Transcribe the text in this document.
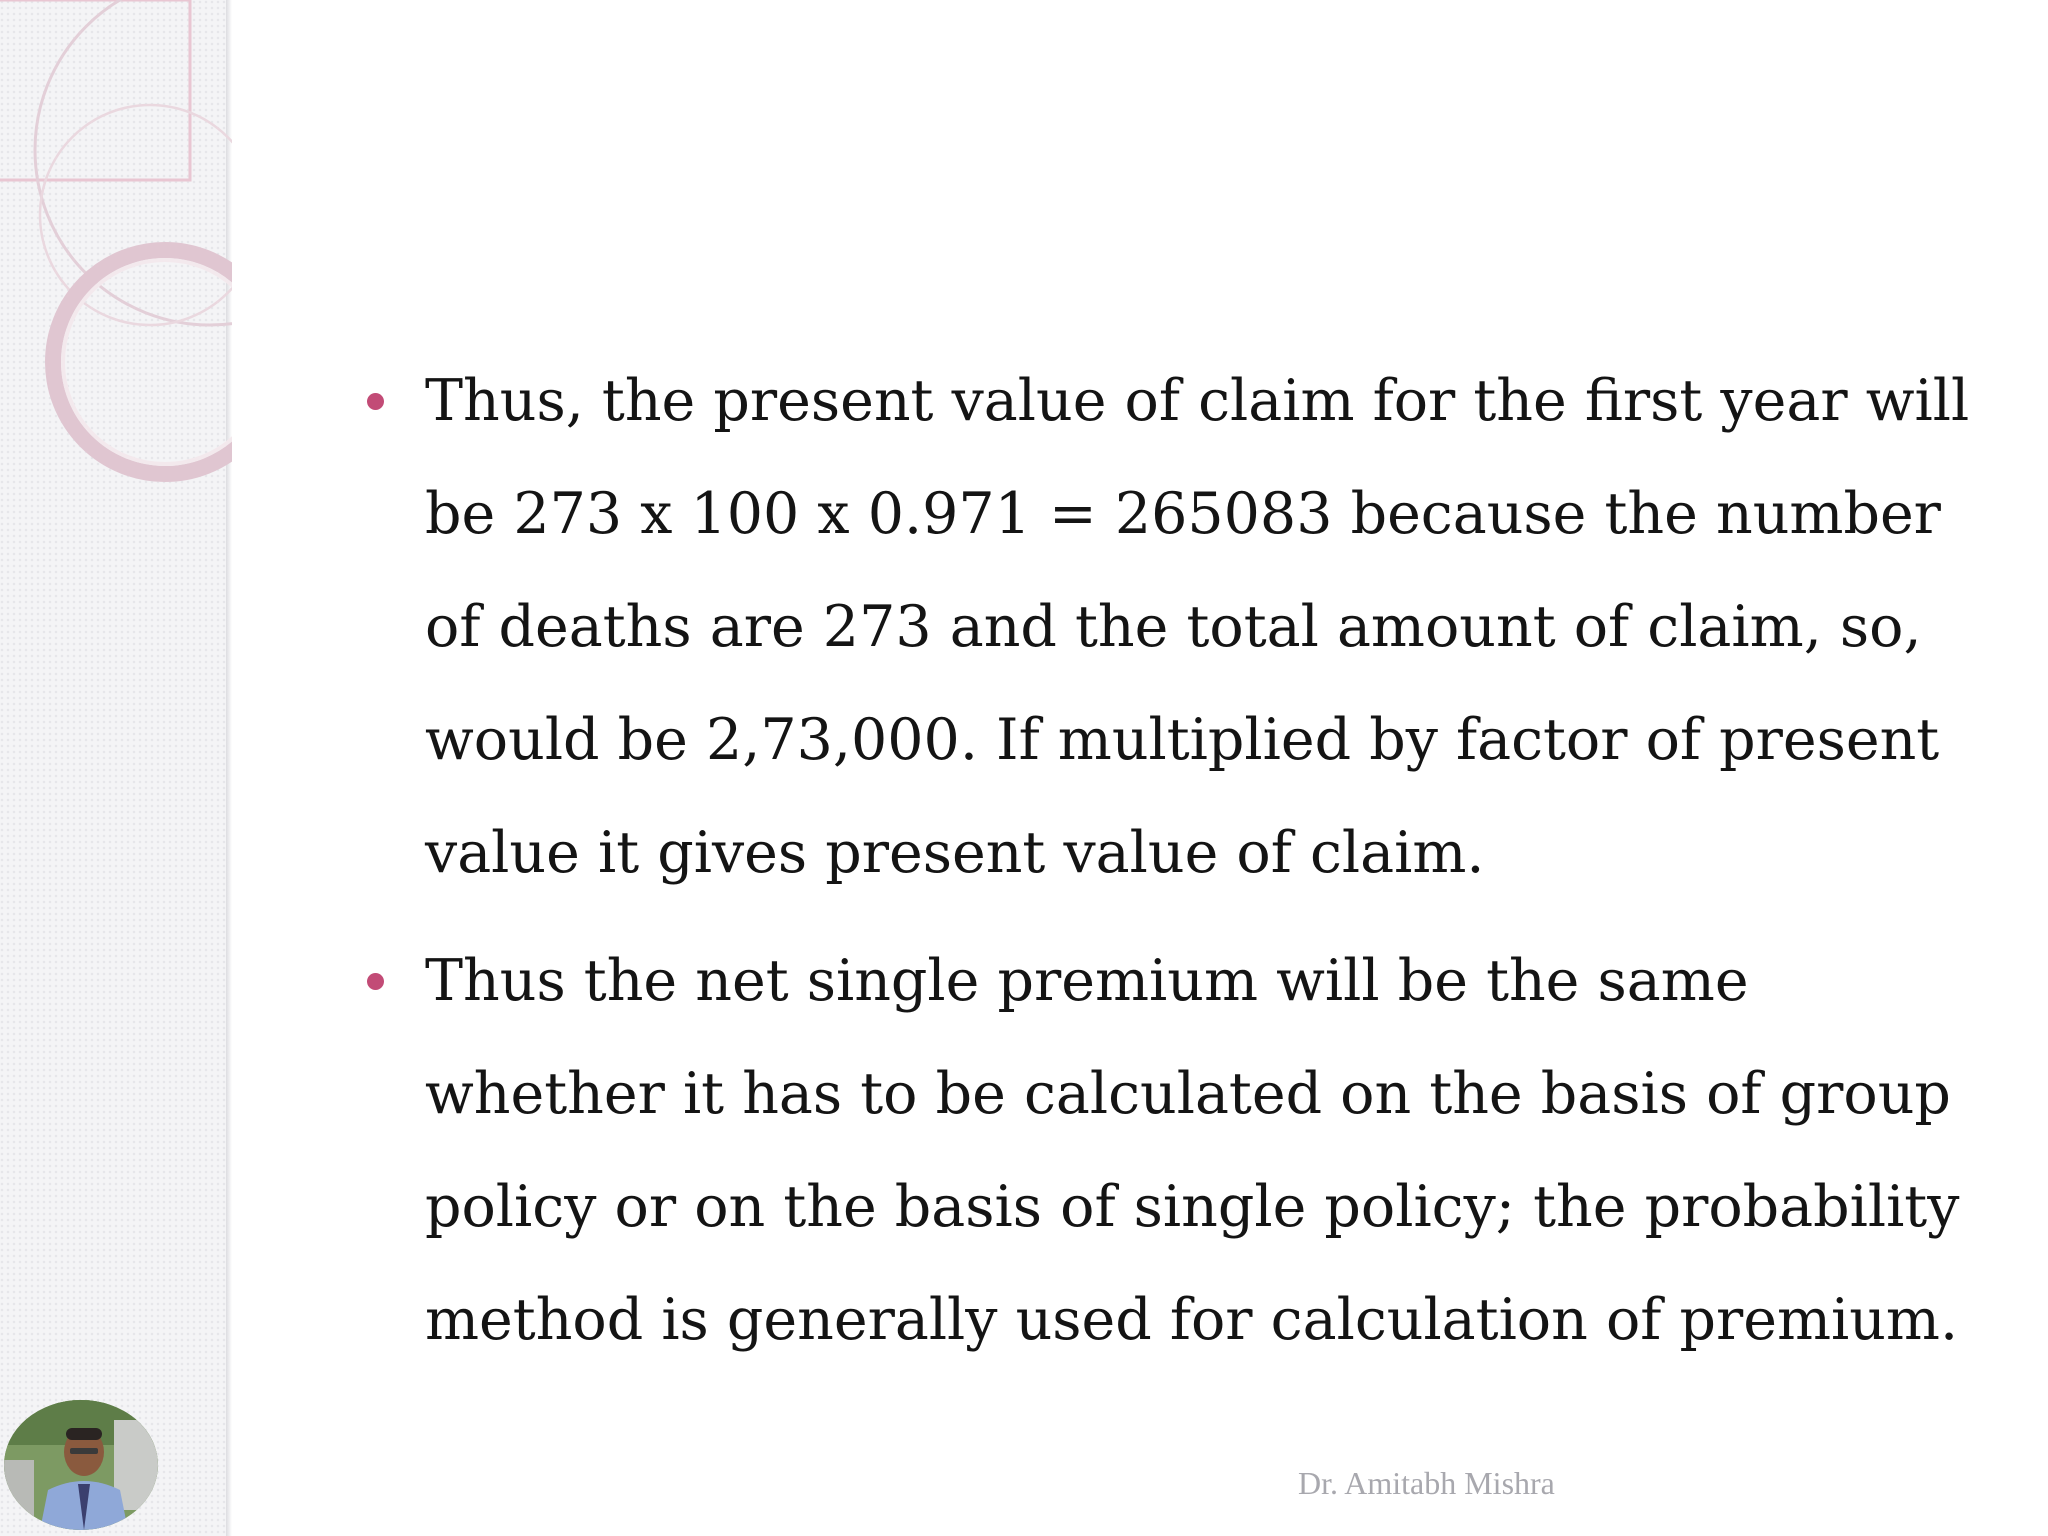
Thus, the present value of claim for the first year will be 273 x 100 x 0.971 = 265083 because the number of deaths are 273 and the total amount of claim, so, would be 2,73,000. If multiplied by factor of present value it gives present value of claim.
Thus the net single premium will be the same whether it has to be calculated on the basis of group policy or on the basis of single policy; the probability method is generally used for calculation of premium.
Dr. Amitabh Mishra
